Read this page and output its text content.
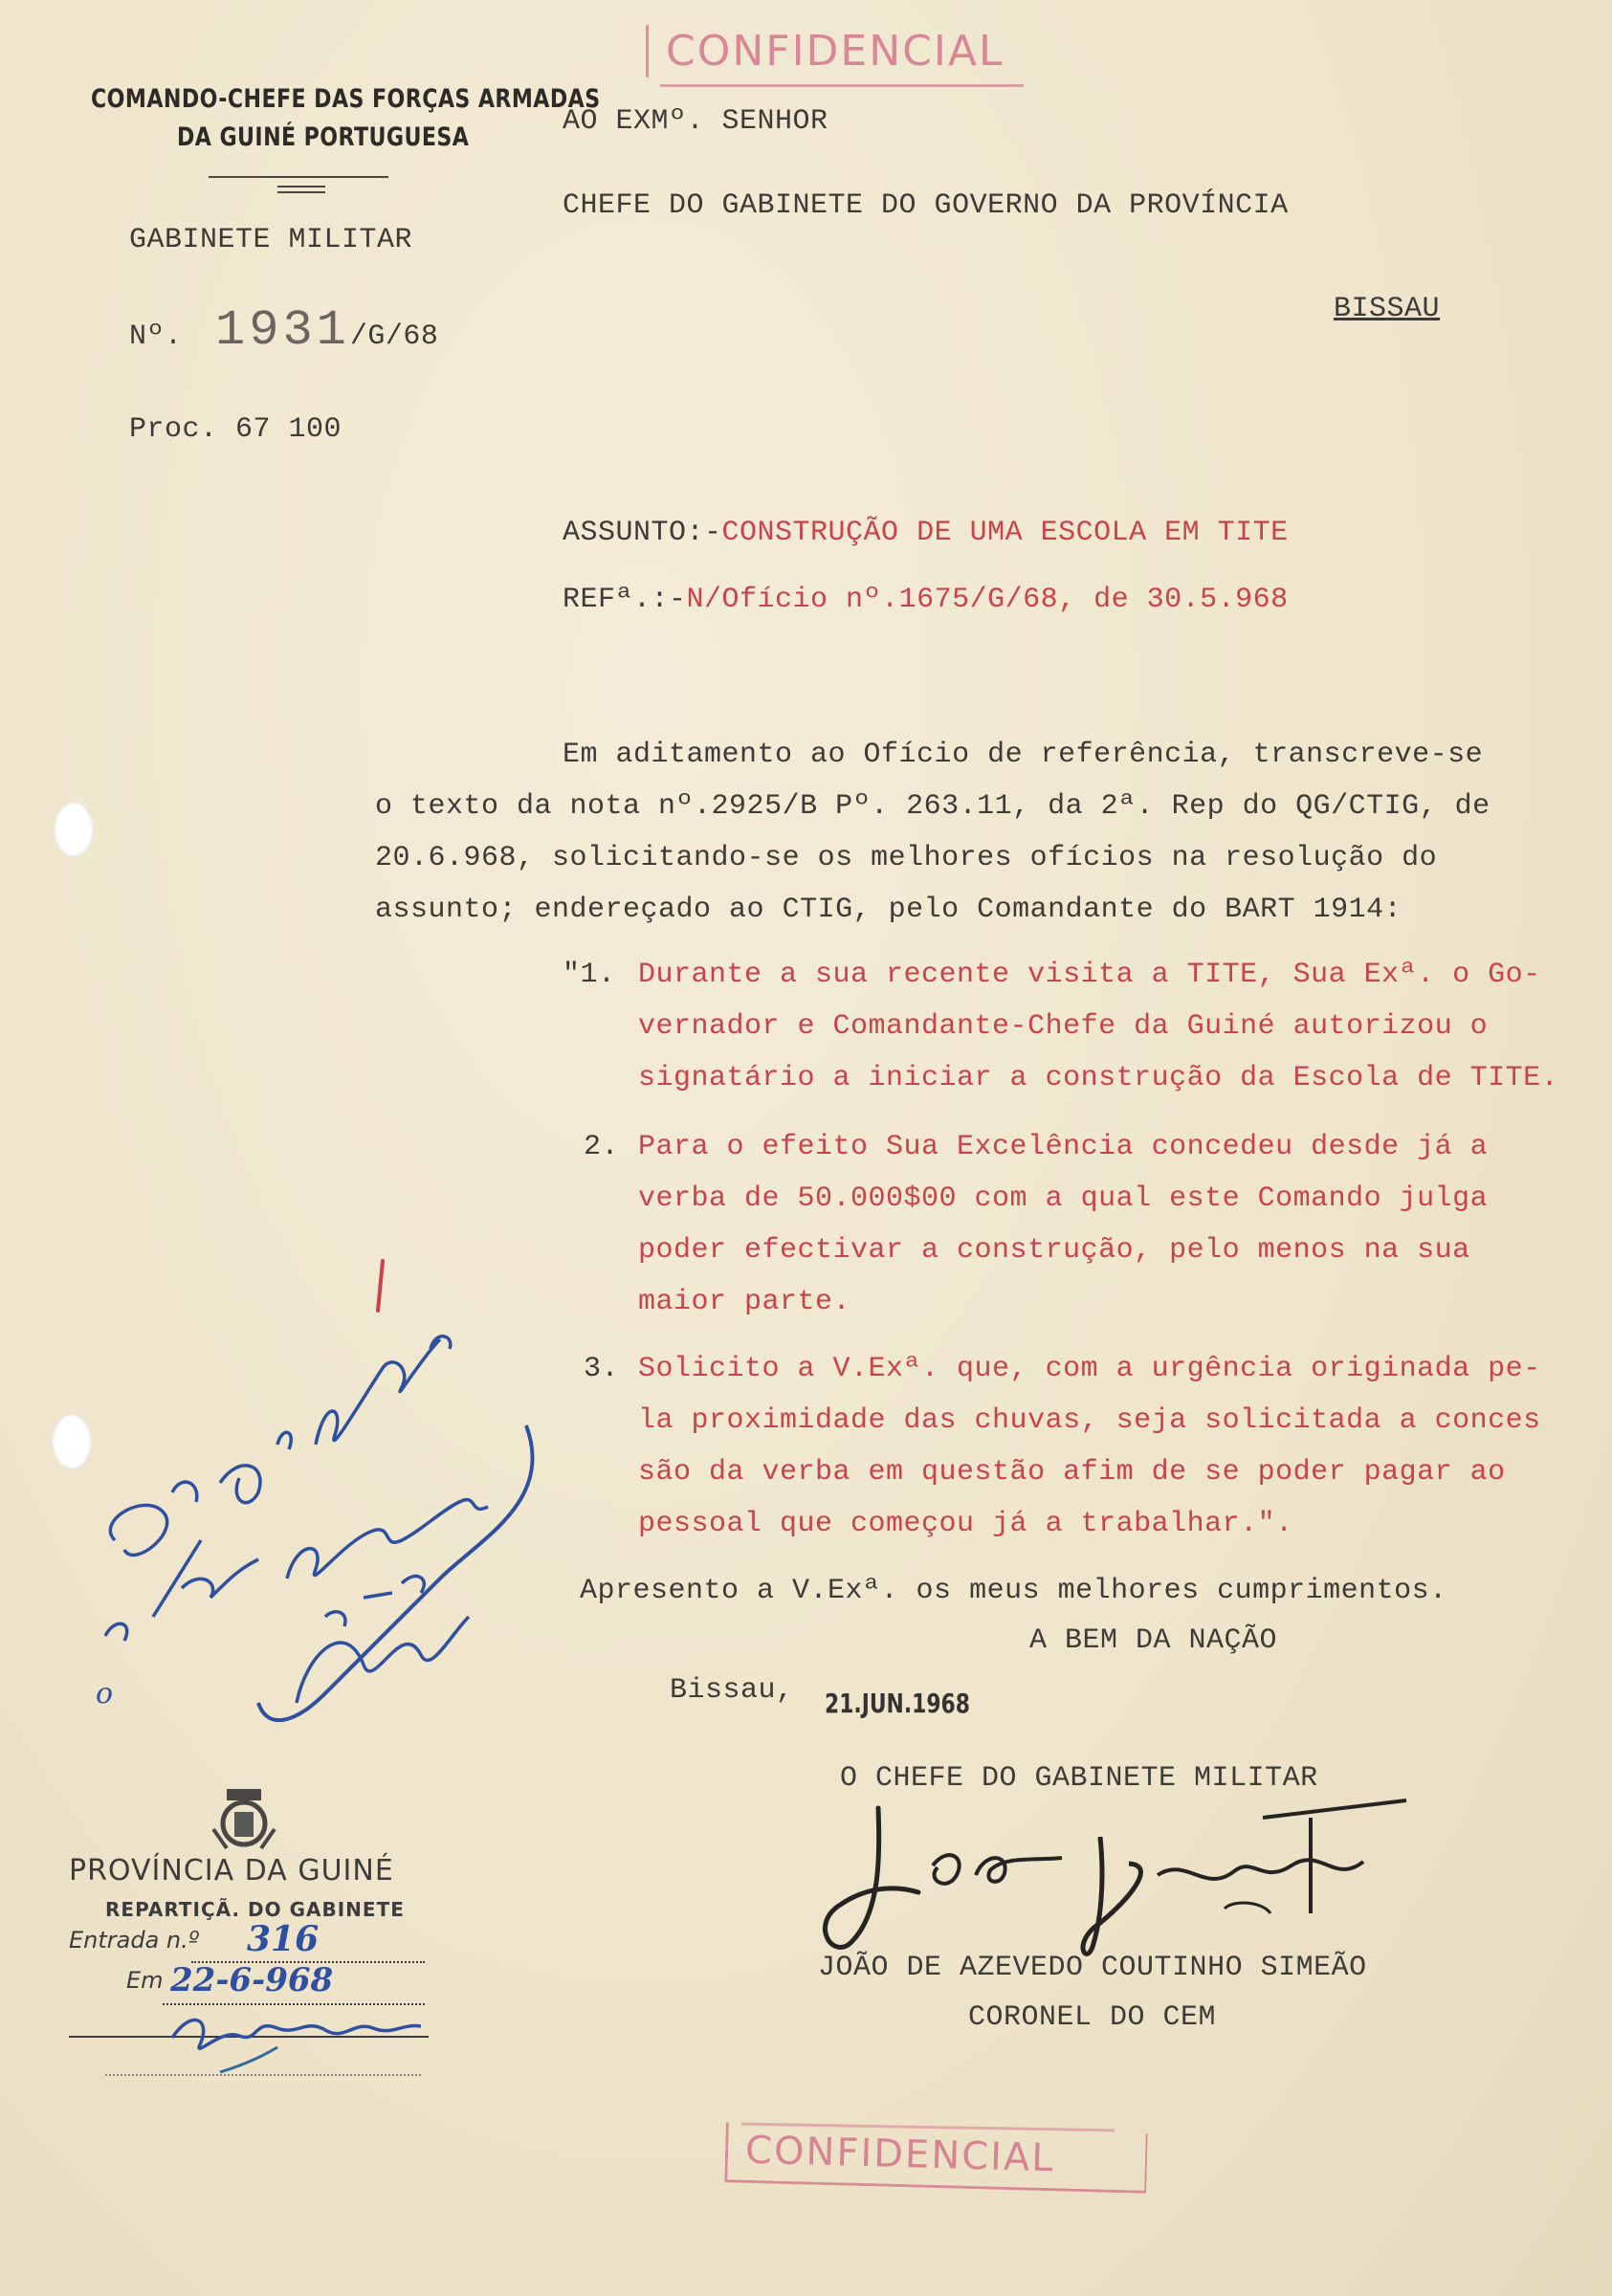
CONFIDENCIAL
COMANDO-CHEFE DAS FORÇAS ARMADAS
DA GUINÉ PORTUGUESA
GABINETE MILITAR
Nº. 1931/G/68
Proc. 67 100
AO EXMº. SENHOR
CHEFE DO GABINETE DO GOVERNO DA PROVÍNCIA
BISSAU
ASSUNTO:-CONSTRUÇÃO DE UMA ESCOLA EM TITE
REFª.:-N/Ofício nº.1675/G/68, de 30.5.968
Em aditamento ao Ofício de referência, transcreve-se
o texto da nota nº.2925/B Pº. 263.11, da 2ª. Rep do QG/CTIG, de
20.6.968, solicitando-se os melhores ofícios na resolução do
assunto; endereçado ao CTIG, pelo Comandante do BART 1914:
"1. Durante a sua recente visita a TITE, Sua Exª. o Go-
vernador e Comandante-Chefe da Guiné autorizou o
signatário a iniciar a construção da Escola de TITE.
2. Para o efeito Sua Excelência concedeu desde já a
verba de 50.000$00 com a qual este Comando julga
poder efectivar a construção, pelo menos na sua
maior parte.
3. Solicito a V.Exª. que, com a urgência originada pe-
la proximidade das chuvas, seja solicitada a conces
são da verba em questão afim de se poder pagar ao
pessoal que começou já a trabalhar.".
Apresento a V.Exª. os meus melhores cumprimentos.
A BEM DA NAÇÃO
Bissau, 21.JUN.1968
O CHEFE DO GABINETE MILITAR
JOÃO DE AZEVEDO COUTINHO SIMEÃO
CORONEL DO CEM
o
PROVÍNCIA DA GUINÉ
REPARTIÇÃ. DO GABINETE
Entrada n.º 316
Em 22-6-968
CONFIDENCIAL
